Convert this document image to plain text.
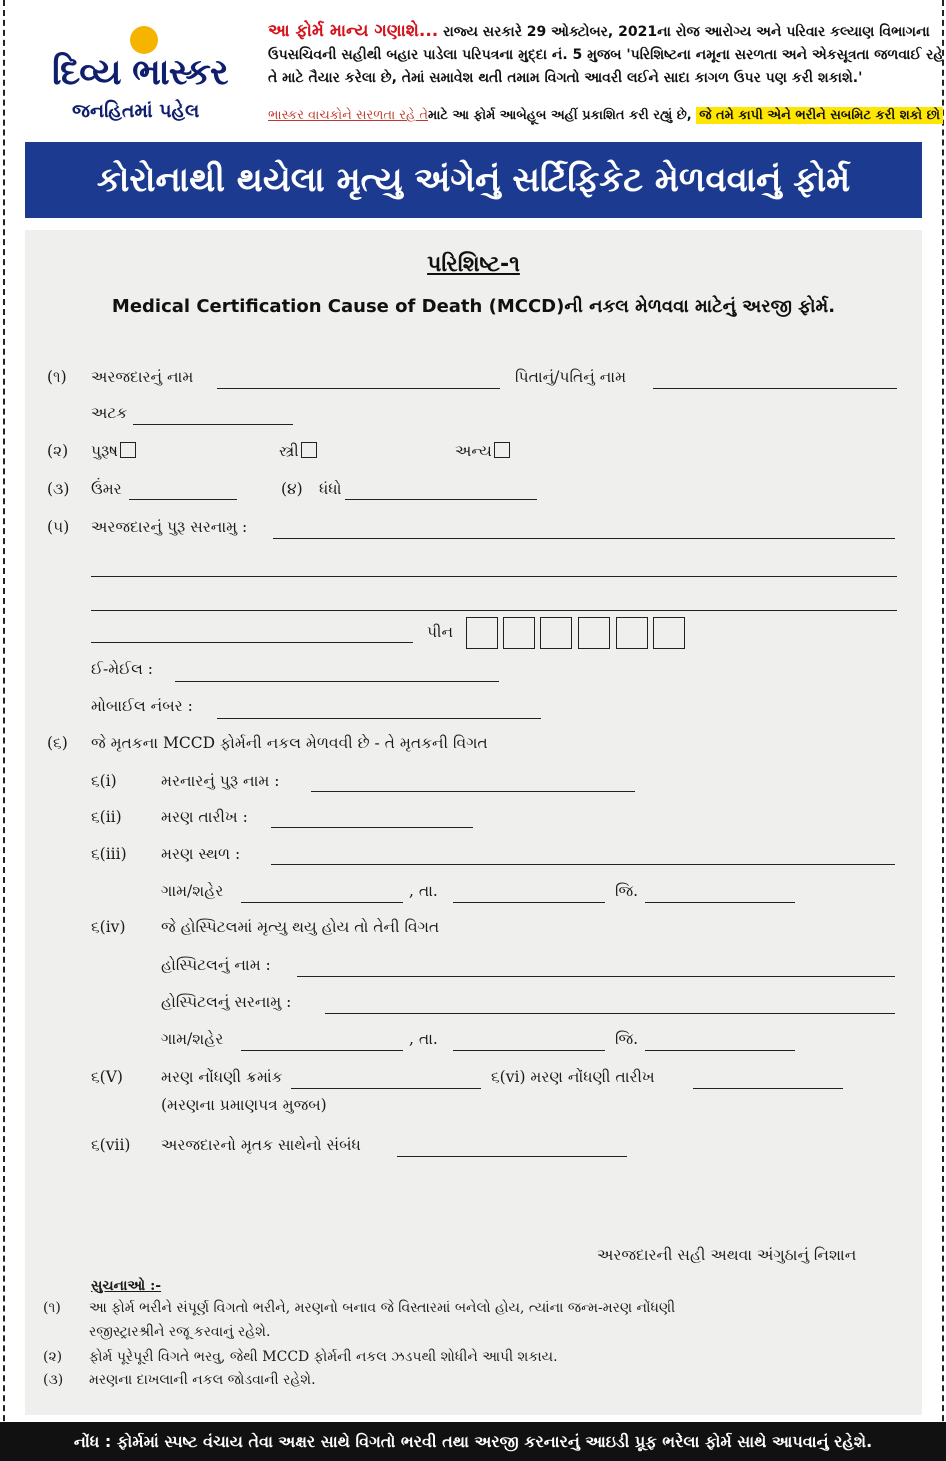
દિવ્ય ભાસ્કર
જનહિતમાં પહેલ
આ ફોર્મ માન્ય ગણાશે... રાજ્ય સરકારે 29 ઓક્ટોબર, 2021ના રોજ આરોગ્ય અને પરિવાર કલ્યાણ વિભાગના ઉપસચિવની સહીથી બહાર પાડેલા પરિપત્રના મુદ્દા નં. 5 મુજબ 'પરિશિષ્ટના નમૂના સરળતા અને એકસૂત્રતા જળવાઈ રહે તે માટે તૈયાર કરેલા છે, તેમાં સમાવેશ થતી તમામ વિગતો આવરી લઈને સાદા કાગળ ઉપર પણ કરી શકાશે.'
ભાસ્કર વાચકોને સરળતા રહે તેમાટે આ ફોર્મ આબેહૂબ અહીં પ્રકાશિત કરી રહ્યું છે, જે તમે કાપી એને ભરીને સબમિટ કરી શકો છો
કોરોનાથી થયેલા મૃત્યુ અંગેનું સર્ટિફિકેટ મેળવવાનું ફોર્મ
પરિશિષ્ટ-૧
Medical Certification Cause of Death (MCCD)ની નકલ મેળવવા માટેનું અરજી ફોર્મ.
(૧) અરજદારનું નામ	પિતાનું/પતિનું નામ
અટક
(૨) પુરૂષ	સ્ત્રી	અન્ય
(૩) ઉંમર	(૪) ધંધો
(૫) અરજદારનું પુરૂ સરનામુ :
પીન
ઈ-મેઈલ :
મોબાઈલ નંબર :
(૬) જે મૃતકના MCCD ફોર્મની નકલ મેળવવી છે - તે મૃતકની વિગત
૬(i)	મરનારનું પુરૂ નામ :
૬(ii)	મરણ તારીખ :
૬(iii) મરણ સ્થળ :
ગામ/શહેર	, તા.	જિ.
૬(iv) જે હોસ્પિટલમાં મૃત્યુ થયુ હોય તો તેની વિગત
હોસ્પિટલનું નામ :
હોસ્પિટલનું સરનામુ :
ગામ/શહેર	, તા.	જિ.
૬(V) મરણ નોંધણી ક્રમાંક	૬(vi) મરણ નોંધણી તારીખ
(મરણના પ્રમાણપત્ર મુજબ)
૬(vii) અરજદારનો મૃતક સાથેનો સંબંધ
અરજદારની સહી અથવા અંગુઠાનું નિશાન
સુચનાઓ :-
(૧) આ ફોર્મ ભરીને સંપૂર્ણ વિગતો ભરીને, મરણનો બનાવ જે વિસ્તારમાં બનેલો હોય, ત્યાંના જન્મ-મરણ નોંધણી
રજીસ્ટ્રારશ્રીને રજૂ કરવાનું રહેશે.
(૨) ફોર્મ પૂરેપૂરી વિગતે ભરવુ, જેથી MCCD ફોર્મની નકલ ઝડપથી શોધીને આપી શકાય.
(૩) મરણના દાખલાની નકલ જોડવાની રહેશે.
નોંધ : ફોર્મમાં સ્પષ્ટ વંચાય તેવા અક્ષર સાથે વિગતો ભરવી તથા અરજી કરનારનું આઇડી પ્રૂફ ભરેલા ફોર્મ સાથે આપવાનું રહેશે.
